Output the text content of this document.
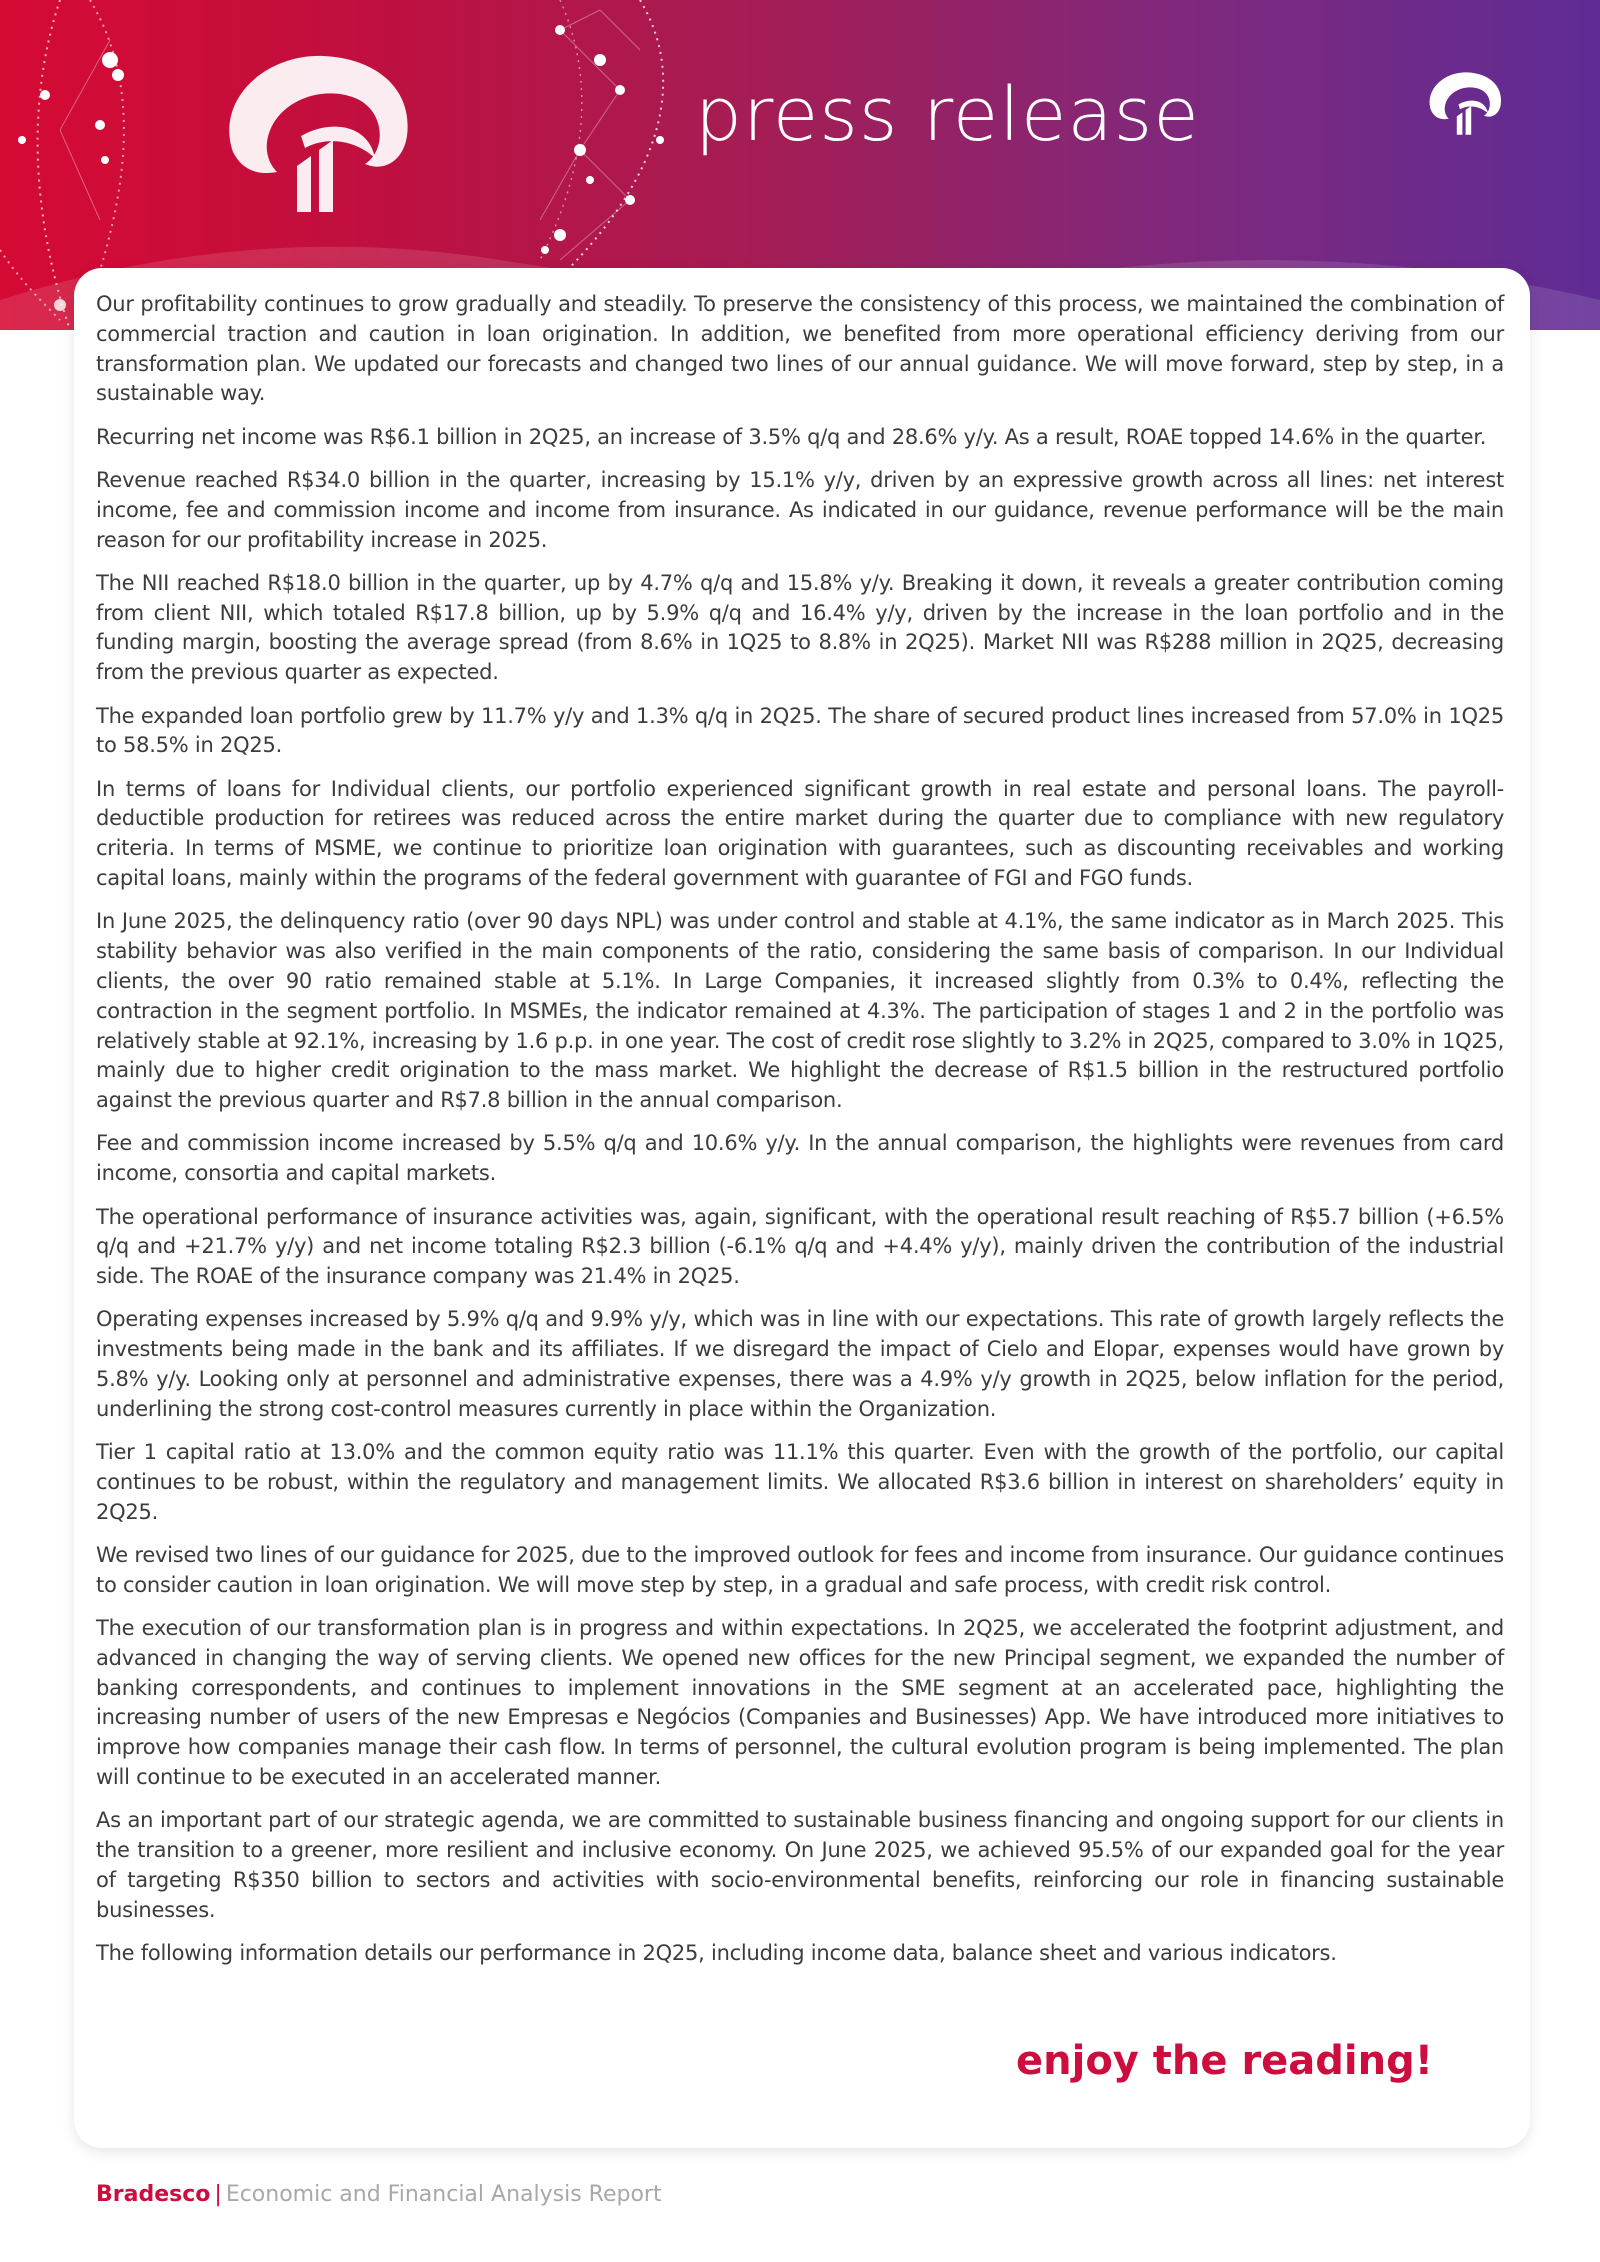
press release

Our profitability continues to grow gradually and steadily. To preserve the consistency of this process, we maintained the combination of commercial traction and caution in loan origination. In addition, we benefited from more operational efficiency deriving from our transformation plan. We updated our forecasts and changed two lines of our annual guidance. We will move forward, step by step, in a sustainable way.

Recurring net income was R$6.1 billion in 2Q25, an increase of 3.5% q/q and 28.6% y/y. As a result, ROAE topped 14.6% in the quarter.

Revenue reached R$34.0 billion in the quarter, increasing by 15.1% y/y, driven by an expressive growth across all lines: net interest income, fee and commission income and income from insurance. As indicated in our guidance, revenue performance will be the main reason for our profitability increase in 2025.

The NII reached R$18.0 billion in the quarter, up by 4.7% q/q and 15.8% y/y. Breaking it down, it reveals a greater contribution coming from client NII, which totaled R$17.8 billion, up by 5.9% q/q and 16.4% y/y, driven by the increase in the loan portfolio and in the funding margin, boosting the average spread (from 8.6% in 1Q25 to 8.8% in 2Q25). Market NII was R$288 million in 2Q25, decreasing from the previous quarter as expected.

The expanded loan portfolio grew by 11.7% y/y and 1.3% q/q in 2Q25. The share of secured product lines increased from 57.0% in 1Q25 to 58.5% in 2Q25.

In terms of loans for Individual clients, our portfolio experienced significant growth in real estate and personal loans. The payroll-deductible production for retirees was reduced across the entire market during the quarter due to compliance with new regulatory criteria. In terms of MSME, we continue to prioritize loan origination with guarantees, such as discounting receivables and working capital loans, mainly within the programs of the federal government with guarantee of FGI and FGO funds.

In June 2025, the delinquency ratio (over 90 days NPL) was under control and stable at 4.1%, the same indicator as in March 2025. This stability behavior was also verified in the main components of the ratio, considering the same basis of comparison. In our Individual clients, the over 90 ratio remained stable at 5.1%. In Large Companies, it increased slightly from 0.3% to 0.4%, reflecting the contraction in the segment portfolio. In MSMEs, the indicator remained at 4.3%. The participation of stages 1 and 2 in the portfolio was relatively stable at 92.1%, increasing by 1.6 p.p. in one year. The cost of credit rose slightly to 3.2% in 2Q25, compared to 3.0% in 1Q25, mainly due to higher credit origination to the mass market. We highlight the decrease of R$1.5 billion in the restructured portfolio against the previous quarter and R$7.8 billion in the annual comparison.

Fee and commission income increased by 5.5% q/q and 10.6% y/y. In the annual comparison, the highlights were revenues from card income, consortia and capital markets.

The operational performance of insurance activities was, again, significant, with the operational result reaching of R$5.7 billion (+6.5% q/q and +21.7% y/y) and net income totaling R$2.3 billion (-6.1% q/q and +4.4% y/y), mainly driven the contribution of the industrial side. The ROAE of the insurance company was 21.4% in 2Q25.

Operating expenses increased by 5.9% q/q and 9.9% y/y, which was in line with our expectations. This rate of growth largely reflects the investments being made in the bank and its affiliates. If we disregard the impact of Cielo and Elopar, expenses would have grown by 5.8% y/y. Looking only at personnel and administrative expenses, there was a 4.9% y/y growth in 2Q25, below inflation for the period, underlining the strong cost-control measures currently in place within the Organization.

Tier 1 capital ratio at 13.0% and the common equity ratio was 11.1% this quarter. Even with the growth of the portfolio, our capital continues to be robust, within the regulatory and management limits. We allocated R$3.6 billion in interest on shareholders’ equity in 2Q25.

We revised two lines of our guidance for 2025, due to the improved outlook for fees and income from insurance. Our guidance continues to consider caution in loan origination. We will move step by step, in a gradual and safe process, with credit risk control.

The execution of our transformation plan is in progress and within expectations. In 2Q25, we accelerated the footprint adjustment, and advanced in changing the way of serving clients. We opened new offices for the new Principal segment, we expanded the number of banking correspondents, and continues to implement innovations in the SME segment at an accelerated pace, highlighting the increasing number of users of the new Empresas e Negócios (Companies and Businesses) App. We have introduced more initiatives to improve how companies manage their cash flow. In terms of personnel, the cultural evolution program is being implemented. The plan will continue to be executed in an accelerated manner.

As an important part of our strategic agenda, we are committed to sustainable business financing and ongoing support for our clients in the transition to a greener, more resilient and inclusive economy. On June 2025, we achieved 95.5% of our expanded goal for the year of targeting R$350 billion to sectors and activities with socio-environmental benefits, reinforcing our role in financing sustainable businesses.

The following information details our performance in 2Q25, including income data, balance sheet and various indicators.

enjoy the reading!
Bradesco | Economic and Financial Analysis Report
